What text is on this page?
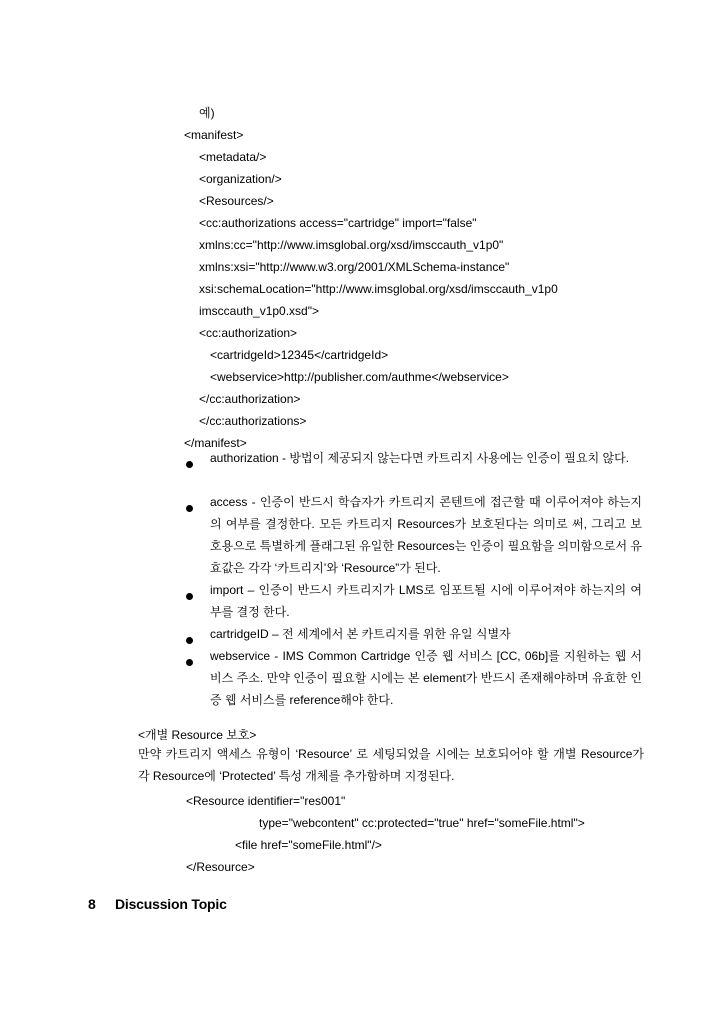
예)
<manifest>
<metadata/>
<organization/>
<Resources/>
<cc:authorizations access="cartridge" import="false"
xmlns:cc="http://www.imsglobal.org/xsd/imsccauth_v1p0"
xmlns:xsi="http://www.w3.org/2001/XMLSchema-instance"
xsi:schemaLocation="http://www.imsglobal.org/xsd/imsccauth_v1p0
imsccauth_v1p0.xsd">
<cc:authorization>
<cartridgeId>12345</cartridgeId>
<webservice>http://publisher.com/authme</webservice>
</cc:authorization>
</cc:authorizations>
</manifest>
authorization - 방법이 제공되지 않는다면 카트리지 사용에는 인증이 필요치 않다.
access - 인증이 반드시 학습자가 카트리지 콘텐트에 접근할 때 이루어져야 하는지의 여부를 결정한다. 모든 카트리지 Resources가 보호된다는 의미로 써, 그리고 보호용으로 특별하게 플래그된 유일한 Resources는 인증이 필요함을 의미함으로서 유효값은 각각 ‘카트리지’와 ‘Resource”가 된다.
import – 인증이 반드시 카트리지가 LMS로 임포트될 시에 이루어져야 하는지의 여부를 결정 한다.
cartridgeID – 전 세계에서 본 카트리지를 위한 유일 식별자
webservice - IMS Common Cartridge 인증 웹 서비스 [CC, 06b]를 지원하는 웹 서비스 주소. 만약 인증이 필요할 시에는 본 element가 반드시 존재해야하며 유효한 인증 웹 서비스를 reference해야 한다.
<개별 Resource 보호>
만약 카트리지 액세스 유형이 ‘Resource’ 로 세팅되었을 시에는 보호되어야 할 개별 Resource가 각 Resource에 ‘Protected’ 특성 개체를 추가함하며 지정된다.
<Resource identifier="res001"
type="webcontent" cc:protected="true" href="someFile.html">
<file href="someFile.html"/>
</Resource>
8 Discussion Topic
